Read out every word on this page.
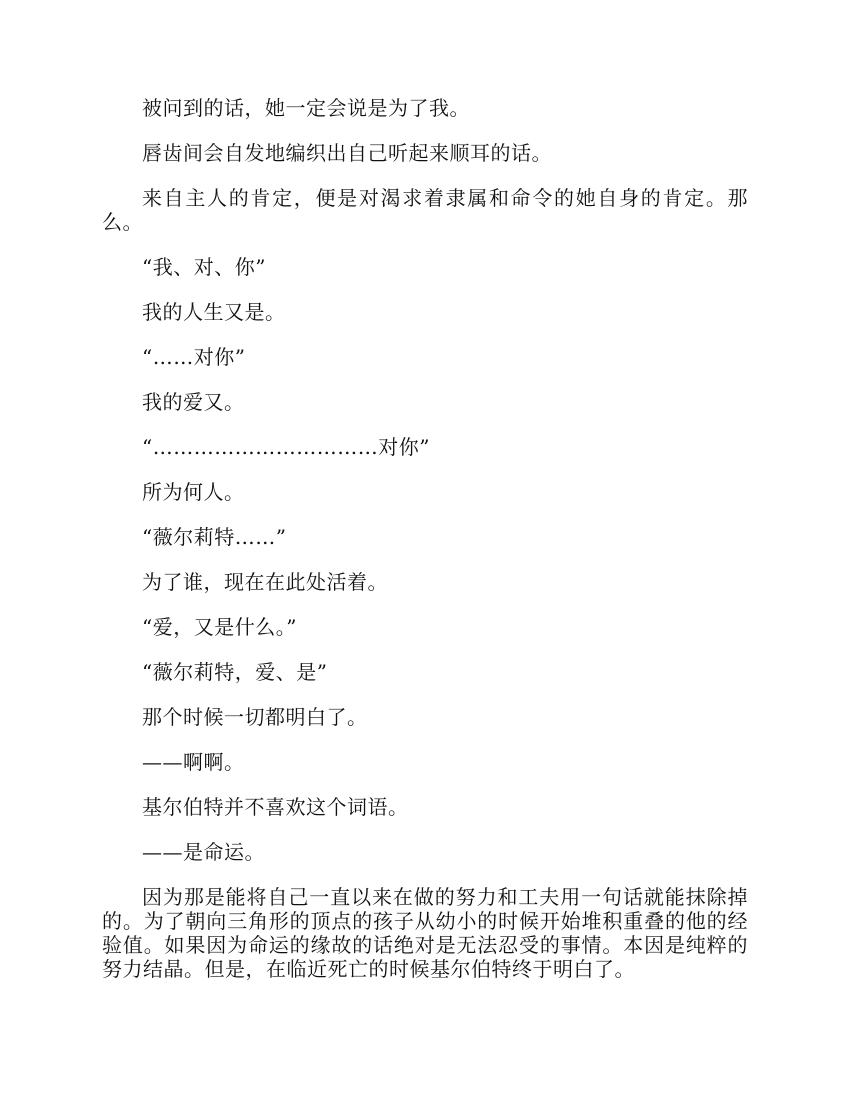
被问到的话，她一定会说是为了我。

唇齿间会自发地编织出自己听起来顺耳的话。

来自主人的肯定，便是对渴求着隶属和命令的她自身的肯定。那么。

“我、对、你”

我的人生又是。

“……对你”

我的爱又。

“……………………………对你”

所为何人。

“薇尔莉特……”

为了谁，现在在此处活着。

“爱，又是什么。”

“薇尔莉特，爱、是”

那个时候一切都明白了。

——啊啊。

基尔伯特并不喜欢这个词语。

——是命运。

因为那是能将自己一直以来在做的努力和工夫用一句话就能抹除掉的。为了朝向三角形的顶点的孩子从幼小的时候开始堆积重叠的他的经验值。如果因为命运的缘故的话绝对是无法忍受的事情。本因是纯粹的努力结晶。但是，在临近死亡的时候基尔伯特终于明白了。
